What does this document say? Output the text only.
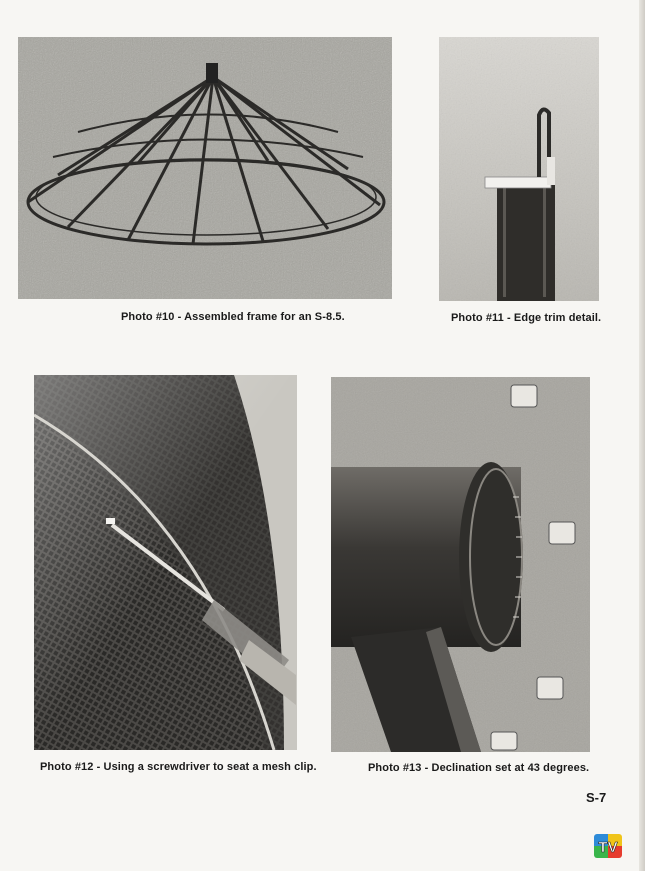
Photo #10 - Assembled frame for an S-8.5.	Photo #11 - Edge trim detail.
Photo #12 - Using a screwdriver to seat a mesh clip.	Photo #13 - Declination set at 43 degrees.
S-7
TV
